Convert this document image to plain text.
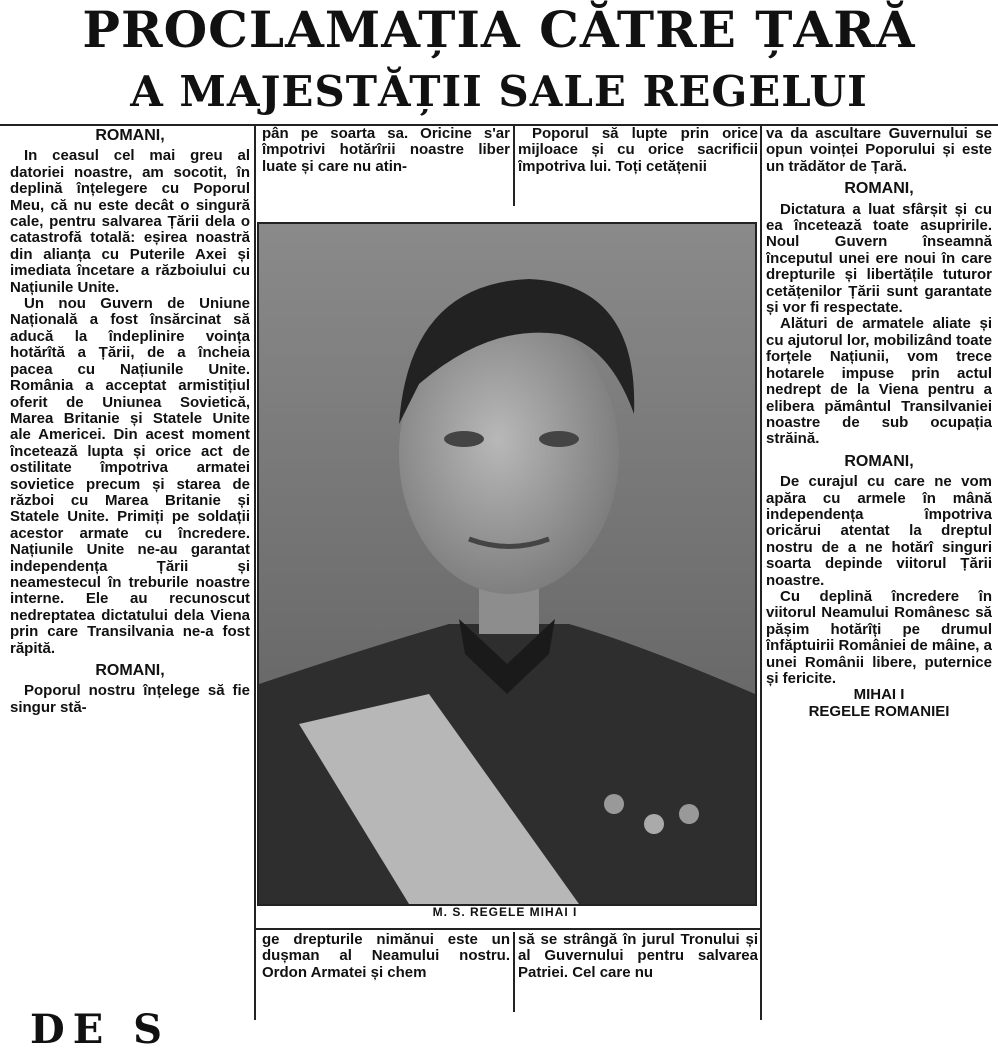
PROCLAMAȚIA CĂTRE ȚARĂ
A MAJESTĂȚII SALE REGELUI

ROMANI,

In ceasul cel mai greu al datoriei noastre, am socotit, în deplină înțelegere cu Poporul Meu, că nu este decât o singură cale, pentru salvarea Țării dela o catastrofă totală: eșirea noastră din alianța cu Puterile Axei și imediata încetare a războiului cu Națiunile Unite.

Un nou Guvern de Uniune Națională a fost însărcinat să aducă la îndeplinire voința hotărîtă a Țării, de a încheia pacea cu Națiunile Unite. România a acceptat armistițiul oferit de Uniunea Sovietică, Marea Britanie și Statele Unite ale Americei. Din acest moment încetează lupta și orice act de ostilitate împotriva armatei sovietice precum și starea de război cu Marea Britanie și Statele Unite. Primiți pe soldații acestor armate cu încredere. Națiunile Unite ne-au garantat independența Țării și neamestecul în treburile noastre interne. Ele au recunoscut nedreptatea dictatului dela Viena prin care Transilvania ne-a fost răpită.

ROMANI,

Poporul nostru înțelege să fie singur stă-

pân pe soarta sa. Oricine s'ar împotrivi hotărîrii noastre liber luate și care nu atin-

Poporul să lupte prin orice mijloace și cu orice sacrificii împotriva lui. Toți cetățenii

va da ascultare Guvernului se opun voinței Poporului și este un trădător de Țară.

ROMANI,

Dictatura a luat sfârșit și cu ea încetează toate asupririle. Noul Guvern înseamnă începutul unei ere noui în care drepturile și libertățile tuturor cetățenilor Țării sunt garantate și vor fi respectate.

Alături de armatele aliate și cu ajutorul lor, mobilizând toate forțele Națiunii, vom trece hotarele impuse prin actul nedrept de la Viena pentru a elibera pământul Transilvaniei noastre de sub ocupația străină.

ROMANI,

De curajul cu care ne vom apăra cu armele în mână independența împotriva oricărui atentat la dreptul nostru de a ne hotărî singuri soarta depinde viitorul Țării noastre.

Cu deplină încredere în viitorul Neamului Românesc să pășim hotărîți pe drumul înfăptuirii României de mâine, a unei Românii libere, puternice și fericite.

MIHAI I

REGELE ROMANIEI

M. S. REGELE MIHAI I

ge drepturile nimănui este un dușman al Neamului nostru. Ordon Armatei și chem

să se strângă în jurul Tronului și al Guvernului pentru salvarea Patriei. Cel care nu

DE S
